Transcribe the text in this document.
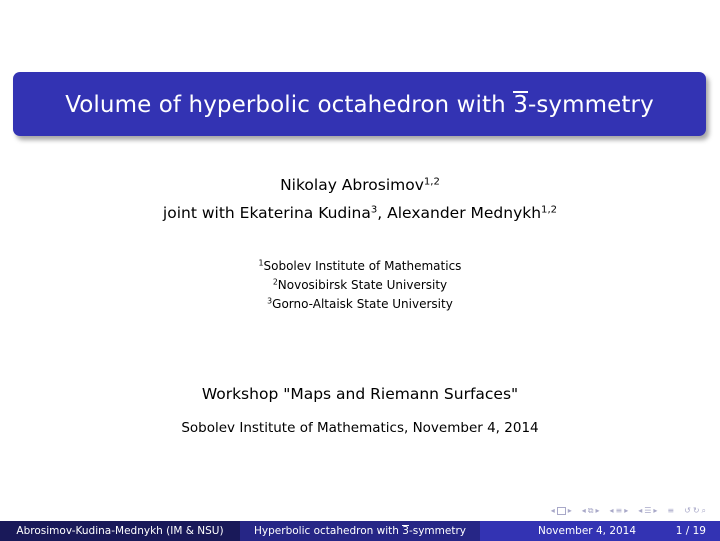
Volume of hyperbolic octahedron with 3-symmetry
Nikolay Abrosimov$^{1,2}$
joint with Ekaterina Kudina$^3$, Alexander Mednykh$^{1,2}$
$^1$Sobolev Institute of Mathematics
$^2$Novosibirsk State University
$^3$Gorno-Altaisk State University
Workshop "Maps and Riemann Surfaces"
Sobolev Institute of Mathematics, November 4, 2014
◂ ▸ ◂ ⧉ ▸ ◂ ≡ ▸ ◂ ☰ ▸ ≡ ↺ ↻ ⌕
Abrosimov-Kudina-Mednykh (IM & NSU)	Hyperbolic octahedron with 3-symmetry	November 4, 2014	1 / 19
